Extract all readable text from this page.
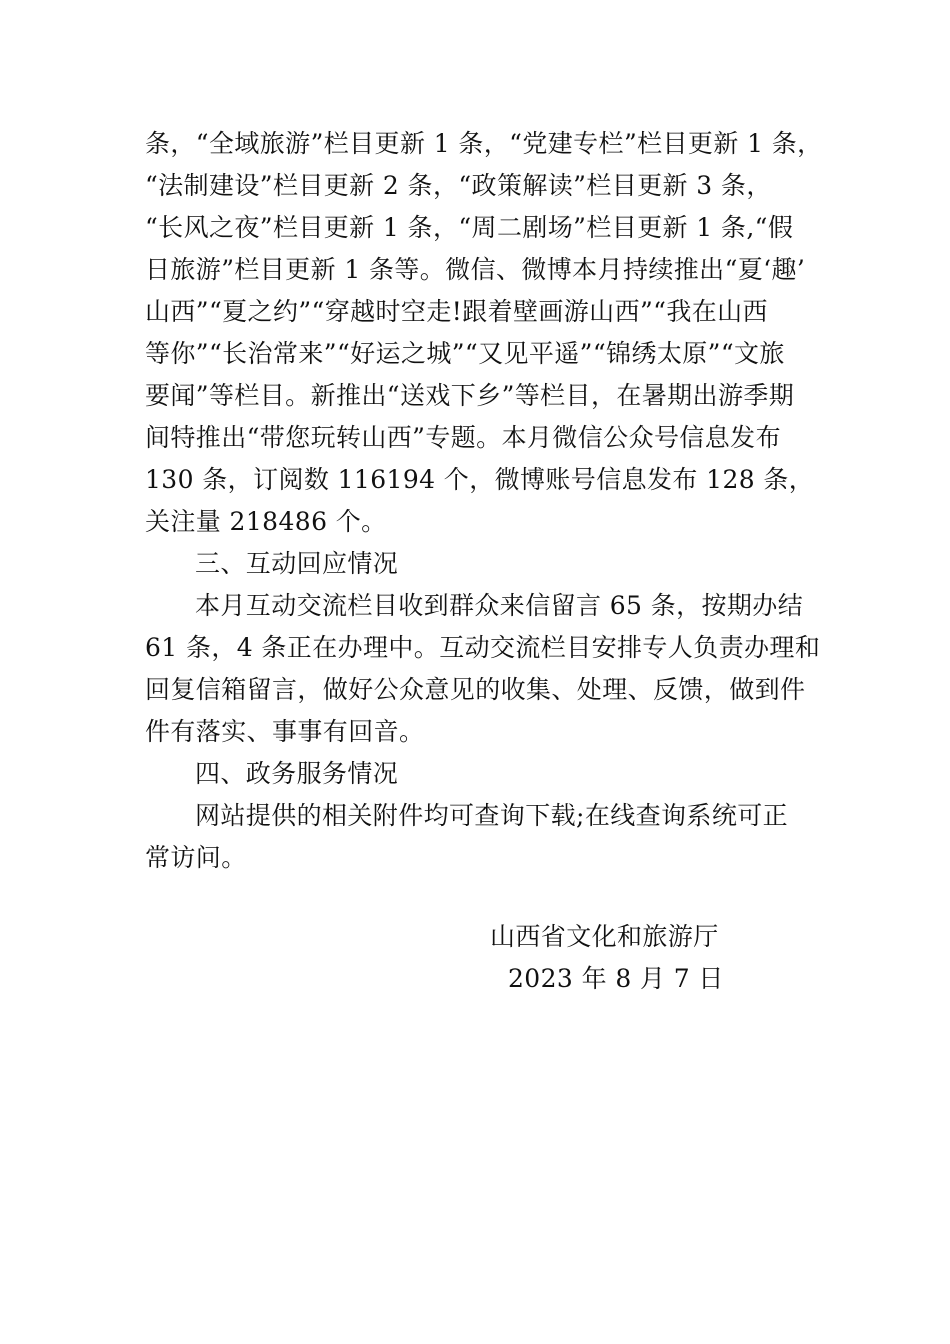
条，“全域旅游”栏目更新 1 条，“党建专栏”栏目更新 1 条，
“法制建设”栏目更新 2 条，“政策解读”栏目更新 3 条，
“长风之夜”栏目更新 1 条，“周二剧场”栏目更新 1 条,“假
日旅游”栏目更新 1 条等。微信、微博本月持续推出“夏‘趣’
山西”“夏之约”“穿越时空走!跟着壁画游山西”“我在山西
等你”“长治常来”“好运之城”“又见平遥”“锦绣太原”“文旅
要闻”等栏目。新推出“送戏下乡”等栏目，在暑期出游季期
间特推出“带您玩转山西”专题。本月微信公众号信息发布
130 条，订阅数 116194 个，微博账号信息发布 128 条，
关注量 218486 个。
三、互动回应情况
本月互动交流栏目收到群众来信留言 65 条，按期办结
61 条，4 条正在办理中。互动交流栏目安排专人负责办理和
回复信箱留言，做好公众意见的收集、处理、反馈，做到件
件有落实、事事有回音。
四、政务服务情况
网站提供的相关附件均可查询下载;在线查询系统可正
常访问。
山西省文化和旅游厅
2023 年 8 月 7 日
